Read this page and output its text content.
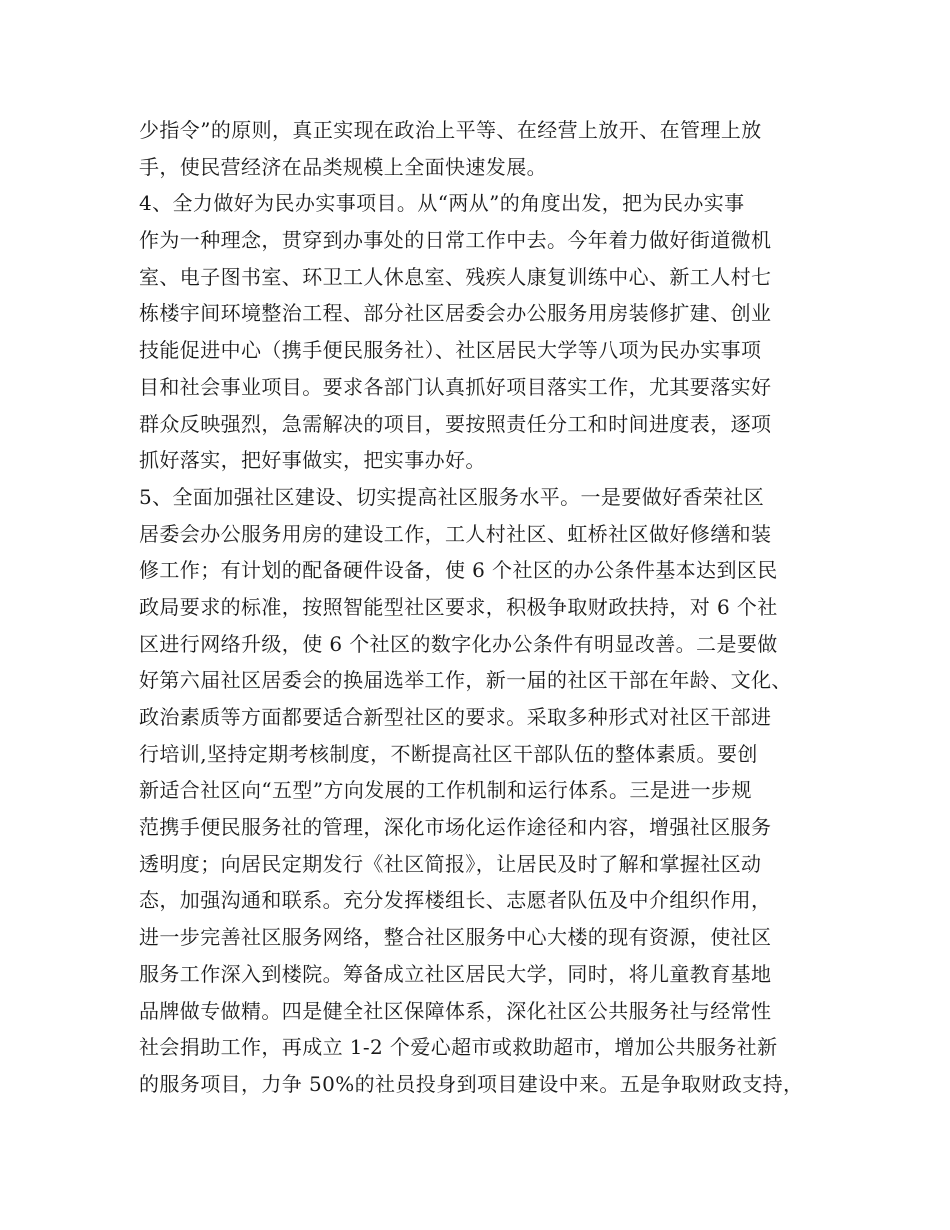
少指令”的原则，真正实现在政治上平等、在经营上放开、在管理上放
手，使民营经济在品类规模上全面快速发展。
4、全力做好为民办实事项目。从“两从”的角度出发，把为民办实事
作为一种理念，贯穿到办事处的日常工作中去。今年着力做好街道微机
室、电子图书室、环卫工人休息室、残疾人康复训练中心、新工人村七
栋楼宇间环境整治工程、部分社区居委会办公服务用房装修扩建、创业
技能促进中心（携手便民服务社）、社区居民大学等八项为民办实事项
目和社会事业项目。要求各部门认真抓好项目落实工作，尤其要落实好
群众反映强烈，急需解决的项目，要按照责任分工和时间进度表，逐项
抓好落实，把好事做实，把实事办好。
5、全面加强社区建设、切实提高社区服务水平。一是要做好香荣社区
居委会办公服务用房的建设工作，工人村社区、虹桥社区做好修缮和装
修工作；有计划的配备硬件设备，使 6 个社区的办公条件基本达到区民
政局要求的标准，按照智能型社区要求，积极争取财政扶持，对 6 个社
区进行网络升级，使 6 个社区的数字化办公条件有明显改善。二是要做
好第六届社区居委会的换届选举工作，新一届的社区干部在年龄、文化、
政治素质等方面都要适合新型社区的要求。采取多种形式对社区干部进
行培训,坚持定期考核制度，不断提高社区干部队伍的整体素质。要创
新适合社区向“五型”方向发展的工作机制和运行体系。三是进一步规
范携手便民服务社的管理，深化市场化运作途径和内容，增强社区服务
透明度；向居民定期发行《社区简报》，让居民及时了解和掌握社区动
态，加强沟通和联系。充分发挥楼组长、志愿者队伍及中介组织作用，
进一步完善社区服务网络，整合社区服务中心大楼的现有资源，使社区
服务工作深入到楼院。筹备成立社区居民大学，同时，将儿童教育基地
品牌做专做精。四是健全社区保障体系，深化社区公共服务社与经常性
社会捐助工作，再成立 1-2 个爱心超市或救助超市，增加公共服务社新
的服务项目，力争 50%的社员投身到项目建设中来。五是争取财政支持，
